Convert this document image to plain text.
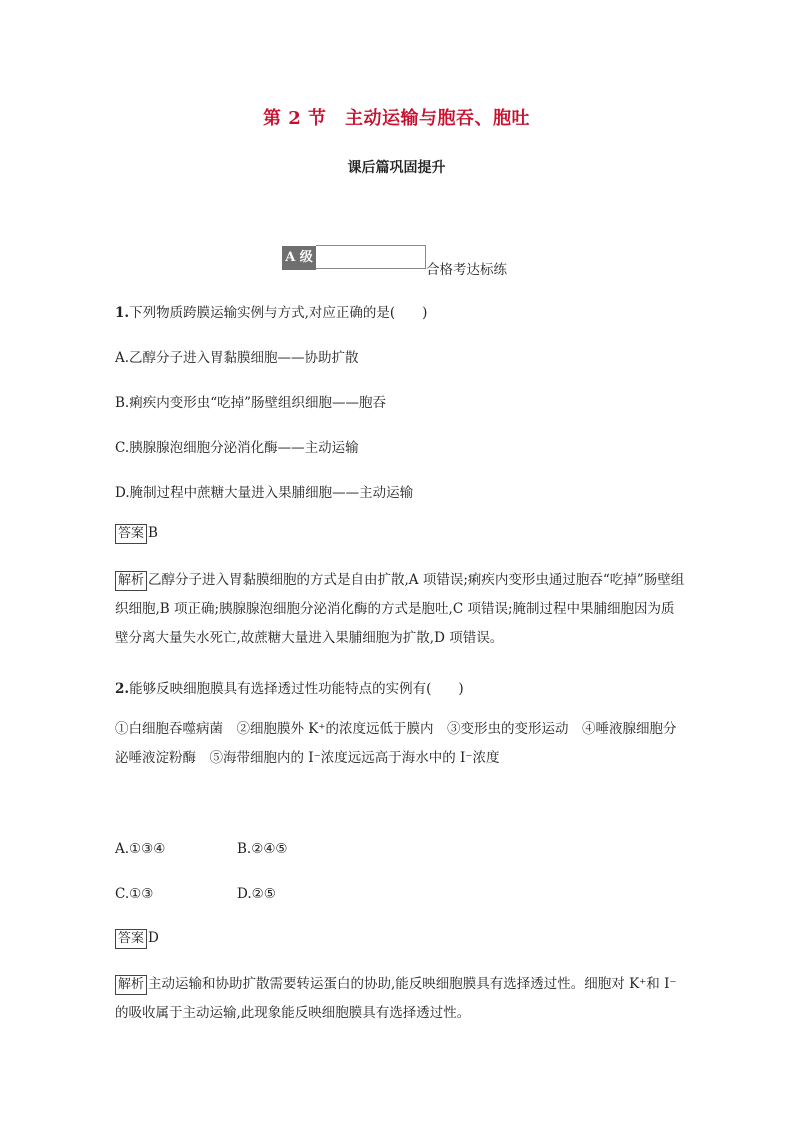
第 2 节　主动运输与胞吞、胞吐
课后篇巩固提升
A 级
合格考达标练
1.下列物质跨膜运输实例与方式,对应正确的是(　　)
A.乙醇分子进入胃黏膜细胞——协助扩散
B.痢疾内变形虫“吃掉”肠壁组织细胞——胞吞
C.胰腺腺泡细胞分泌消化酶——主动运输
D.腌制过程中蔗糖大量进入果脯细胞——主动运输
答案 B
解析 乙醇分子进入胃黏膜细胞的方式是自由扩散,A 项错误;痢疾内变形虫通过胞吞“吃掉”肠壁组织细胞,B 项正确;胰腺腺泡细胞分泌消化酶的方式是胞吐,C 项错误;腌制过程中果脯细胞因为质壁分离大量失水死亡,故蔗糖大量进入果脯细胞为扩散,D 项错误。
2.能够反映细胞膜具有选择透过性功能特点的实例有(　　)
①白细胞吞噬病菌　②细胞膜外 K⁺的浓度远低于膜内　③变形虫的变形运动　④唾液腺细胞分泌唾液淀粉酶　⑤海带细胞内的 I⁻浓度远远高于海水中的 I⁻浓度
A.①③④	B.②④⑤
C.①③	D.②⑤
答案 D
解析 主动运输和协助扩散需要转运蛋白的协助,能反映细胞膜具有选择透过性。细胞对 K⁺和 I⁻的吸收属于主动运输,此现象能反映细胞膜具有选择透过性。
